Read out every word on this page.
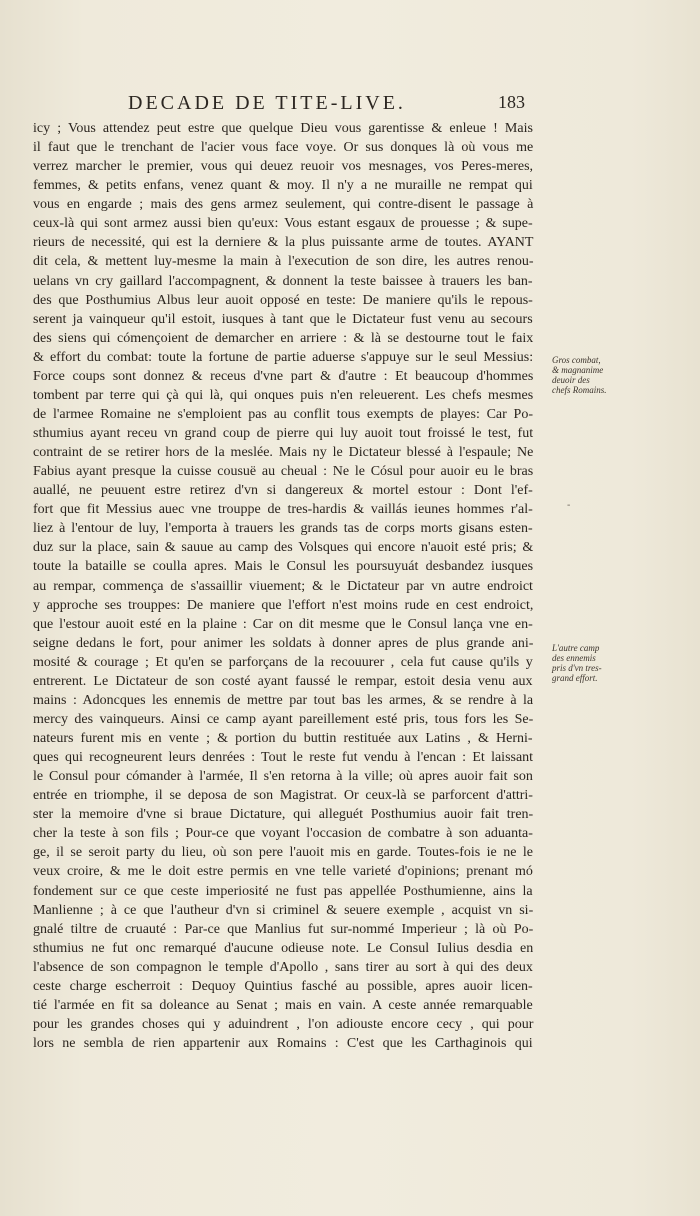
DECADE DE TITE-LIVE.	183
icy ; Vous attendez peut estre que quelque Dieu vous garentisse & enleue ! Mais
il faut que le trenchant de l'acier vous face voye. Or sus donques là où vous me
verrez marcher le premier, vous qui deuez reuoir vos mesnages, vos Peres-meres,
femmes, & petits enfans, venez quant & moy. Il n'y a ne muraille ne rempat qui
vous en engarde ; mais des gens armez seulement, qui contre-disent le passage à
ceux-là qui sont armez aussi bien qu'eux: Vous estant esgaux de prouesse ; & supe-
rieurs de necessité, qui est la derniere & la plus puissante arme de toutes. AYANT
dit cela, & mettent luy-mesme la main à l'execution de son dire, les autres renou-
uelans vn cry gaillard l'accompagnent, & donnent la teste baissee à trauers les ban-
des que Posthumius Albus leur auoit opposé en teste: De maniere qu'ils le repous-
serent ja vainqueur qu'il estoit, iusques à tant que le Dictateur fust venu au secours
des siens qui cómençoient de demarcher en arriere : & là se destourne tout le faix
& effort du combat: toute la fortune de partie aduerse s'appuye sur le seul Messius:
Force coups sont donnez & receus d'vne part & d'autre : Et beaucoup d'hommes
tombent par terre qui çà qui là, qui onques puis n'en releuerent. Les chefs mesmes
de l'armee Romaine ne s'emploient pas au conflit tous exempts de playes: Car Po-
sthumius ayant receu vn grand coup de pierre qui luy auoit tout froissé le test, fut
contraint de se retirer hors de la meslée. Mais ny le Dictateur blessé à l'espaule; Ne
Fabius ayant presque la cuisse cousuë au cheual : Ne le Cósul pour auoir eu le bras
auallé, ne peuuent estre retirez d'vn si dangereux & mortel estour : Dont l'ef-
fort que fit Messius auec vne trouppe de tres-hardis & vaillás ieunes hommes r'al-
liez à l'entour de luy, l'emporta à trauers les grands tas de corps morts gisans esten-
duz sur la place, sain & sauue au camp des Volsques qui encore n'auoit esté pris; &
toute la bataille se coulla apres. Mais le Consul les poursuyuát desbandez iusques
au rempar, commença de s'assaillir viuement; & le Dictateur par vn autre endroict
y approche ses trouppes: De maniere que l'effort n'est moins rude en cest endroict,
que l'estour auoit esté en la plaine : Car on dit mesme que le Consul lança vne en-
seigne dedans le fort, pour animer les soldats à donner apres de plus grande ani-
mosité & courage ; Et qu'en se parforçans de la recouurer , cela fut cause qu'ils y
entrerent. Le Dictateur de son costé ayant faussé le rempar, estoit desia venu aux
mains : Adoncques les ennemis de mettre par tout bas les armes, & se rendre à la
mercy des vainqueurs. Ainsi ce camp ayant pareillement esté pris, tous fors les Se-
nateurs furent mis en vente ; & portion du buttin restituée aux Latins , & Herni-
ques qui recogneurent leurs denrées : Tout le reste fut vendu à l'encan : Et laissant
le Consul pour cómander à l'armée, Il s'en retorna à la ville; où apres auoir fait son
entrée en triomphe, il se deposa de son Magistrat. Or ceux-là se parforcent d'attri-
ster la memoire d'vne si braue Dictature, qui alleguét Posthumius auoir fait tren-
cher la teste à son fils ; Pour-ce que voyant l'occasion de combatre à son aduanta-
ge, il se seroit party du lieu, où son pere l'auoit mis en garde. Toutes-fois ie ne le
veux croire, & me le doit estre permis en vne telle varieté d'opinions; prenant mó
fondement sur ce que ceste imperiosité ne fust pas appellée Posthumienne, ains la
Manlienne ; à ce que l'autheur d'vn si criminel & seuere exemple , acquist vn si-
gnalé tiltre de cruauté : Par-ce que Manlius fut sur-nommé Imperieur ; là où Po-
sthumius ne fut onc remarqué d'aucune odieuse note. Le Consul Iulius desdia en
l'absence de son compagnon le temple d'Apollo , sans tirer au sort à qui des deux
ceste charge escherroit : Dequoy Quintius fasché au possible, apres auoir licen-
tié l'armée en fit sa doleance au Senat ; mais en vain. A ceste année remarquable
pour les grandes choses qui y aduindrent , l'on adiouste encore cecy , qui pour
lors ne sembla de rien appartenir aux Romains : C'est que les Carthaginois qui
Gros combat,
& magnanime
deuoir des
chefs Romains.
L'autre camp
des ennemis
pris d'vn tres-
grand effort.
-
